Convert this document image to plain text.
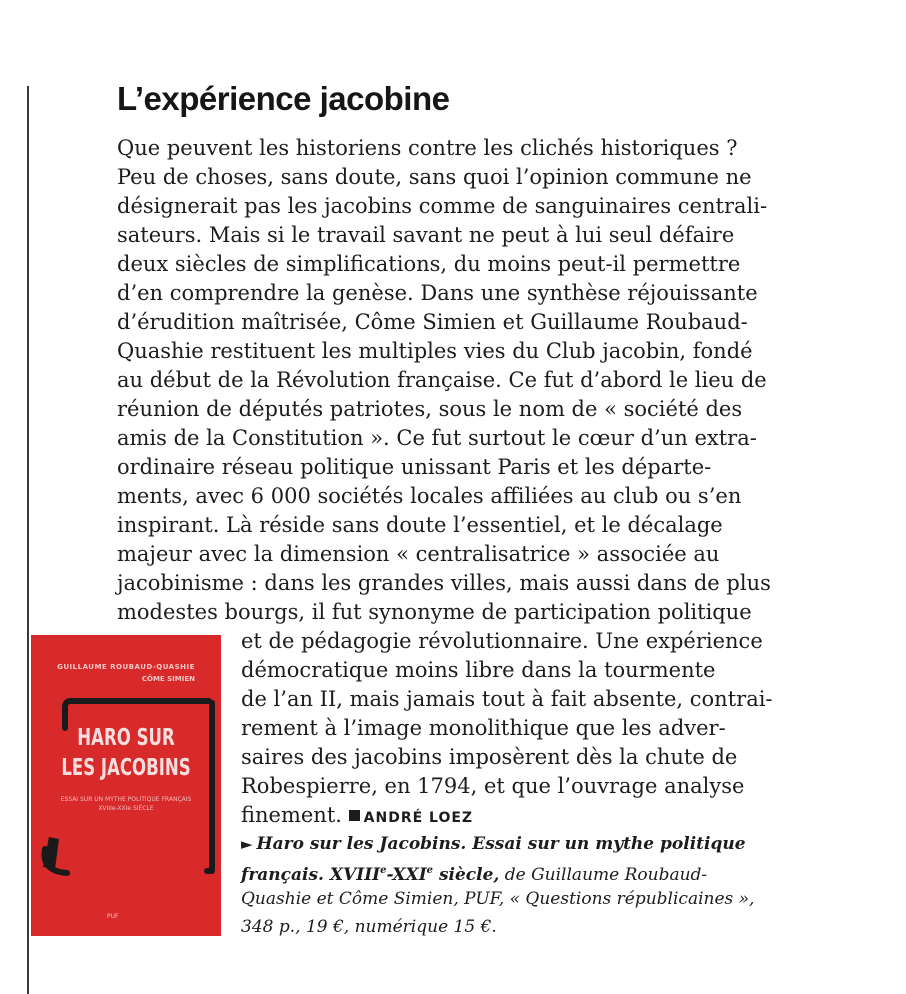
L’expérience jacobine
Que peuvent les historiens contre les clichés historiques ?
Peu de choses, sans doute, sans quoi l’opinion commune ne
désignerait pas les jacobins comme de sanguinaires centrali-
sateurs. Mais si le travail savant ne peut à lui seul défaire
deux siècles de simplifications, du moins peut-il permettre
d’en comprendre la genèse. Dans une synthèse réjouissante
d’érudition maîtrisée, Côme Simien et Guillaume Roubaud-
Quashie restituent les multiples vies du Club jacobin, fondé
au début de la Révolution française. Ce fut d’abord le lieu de
réunion de députés patriotes, sous le nom de « société des
amis de la Constitution ». Ce fut surtout le cœur d’un extra-
ordinaire réseau politique unissant Paris et les départe-
ments, avec 6 000 sociétés locales affiliées au club ou s’en
inspirant. Là réside sans doute l’essentiel, et le décalage
majeur avec la dimension « centralisatrice » associée au
jacobinisme : dans les grandes villes, mais aussi dans de plus
modestes bourgs, il fut synonyme de participation politique
et de pédagogie révolutionnaire. Une expérience
démocratique moins libre dans la tourmente
de l’an II, mais jamais tout à fait absente, contrai-
rement à l’image monolithique que les adver-
saires des jacobins imposèrent dès la chute de
Robespierre, en 1794, et que l’ouvrage analyse
finement. ANDRÉ LOEZ
► Haro sur les Jacobins. Essai sur un mythe politique
français. XVIIIe-XXIe siècle, de Guillaume Roubaud-
Quashie et Côme Simien, PUF, « Questions républicaines »,
348 p., 19 €, numérique 15 €.
GUILLAUME ROUBAUD-QUASHIE
CÔME SIMIEN
HARO SUR
LES JACOBINS
ESSAI SUR UN MYTHE POLITIQUE FRANÇAIS
XVIIIe-XXIe SIÈCLE
PUF
